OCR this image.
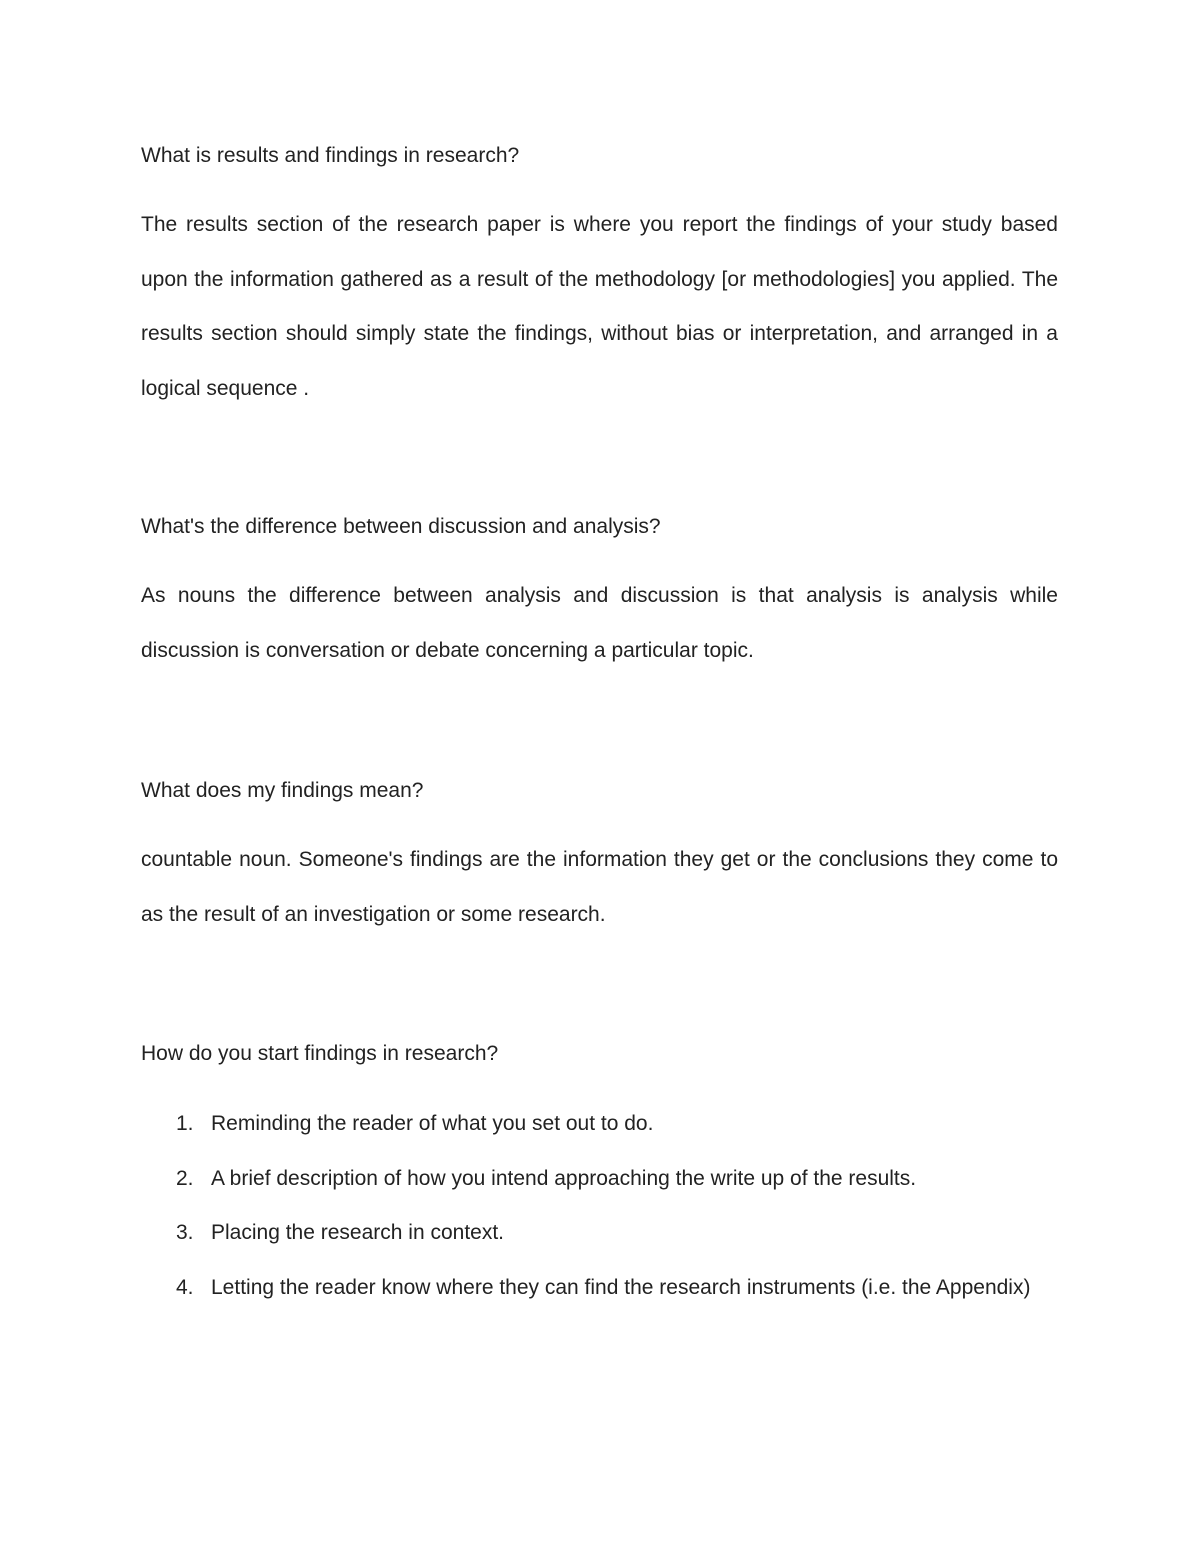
What is results and findings in research?

The results section of the research paper is where you report the findings of your study based upon the information gathered as a result of the methodology [or methodologies] you applied. The results section should simply state the findings, without bias or interpretation, and arranged in a logical sequence .

What's the difference between discussion and analysis?

As nouns the difference between analysis and discussion is that analysis is analysis while discussion is conversation or debate concerning a particular topic.

What does my findings mean?

countable noun. Someone's findings are the information they get or the conclusions they come to as the result of an investigation or some research.

How do you start findings in research?
1. Reminding the reader of what you set out to do.
2. A brief description of how you intend approaching the write up of the results.
3. Placing the research in context.
4. Letting the reader know where they can find the research instruments (i.e. the Appendix)
